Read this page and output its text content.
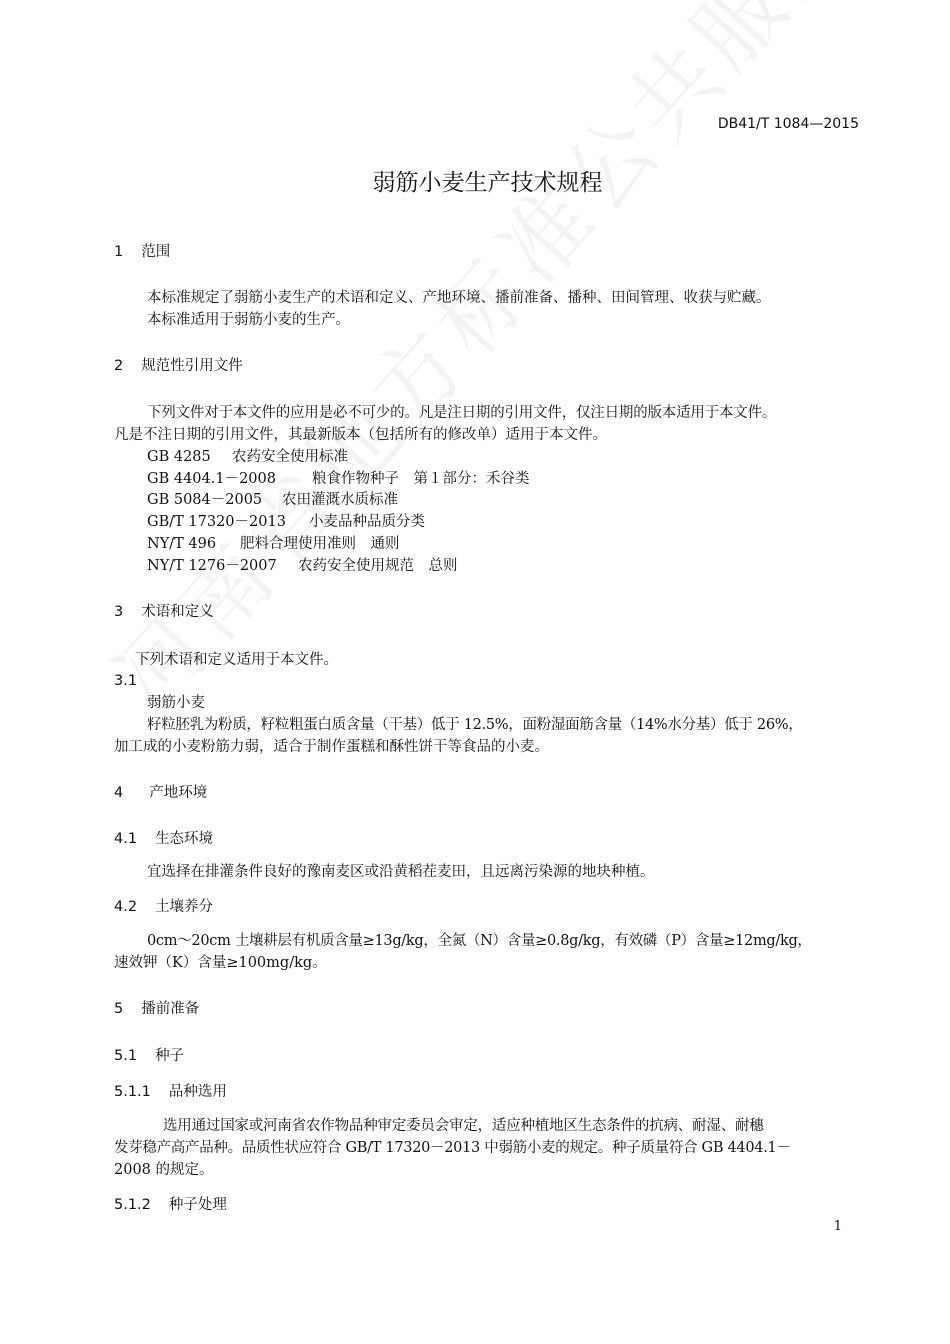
DB41/T 1084—2015
弱筋小麦生产技术规程
1 范围
本标准规定了弱筋小麦生产的术语和定义、产地环境、播前准备、播种、田间管理、收获与贮藏。
本标准适用于弱筋小麦的生产。
2 规范性引用文件
下列文件对于本文件的应用是必不可少的。凡是注日期的引用文件，仅注日期的版本适用于本文件。
凡是不注日期的引用文件，其最新版本（包括所有的修改单）适用于本文件。
GB 4285 农药安全使用标准
GB 4404.1－2008 粮食作物种子　第１部分：禾谷类
GB 5084－2005 农田灌溉水质标准
GB/T 17320－2013 小麦品种品质分类
NY/T 496 肥料合理使用准则　通则
NY/T 1276－2007 农药安全使用规范　总则
3 术语和定义
下列术语和定义适用于本文件。
3.1
弱筋小麦
籽粒胚乳为粉质，籽粒粗蛋白质含量（干基）低于 12.5%，面粉湿面筋含量（14%水分基）低于 26%，
加工成的小麦粉筋力弱，适合于制作蛋糕和酥性饼干等食品的小麦。
4 产地环境
4.1 生态环境
宜选择在排灌条件良好的豫南麦区或沿黄稻茬麦田，且远离污染源的地块种植。
4.2 土壤养分
0cm～20cm 土壤耕层有机质含量≥13g/kg，全氮（N）含量≥0.8g/kg，有效磷（P）含量≥12mg/kg，
速效钾（K）含量≥100mg/kg。
5 播前准备
5.1 种子
5.1.1 品种选用
选用通过国家或河南省农作物品种审定委员会审定，适应种植地区生态条件的抗病、耐湿、耐穗
发芽稳产高产品种。品质性状应符合 GB/T 17320－2013 中弱筋小麦的规定。种子质量符合 GB 4404.1－
2008 的规定。
5.1.2 种子处理
1
